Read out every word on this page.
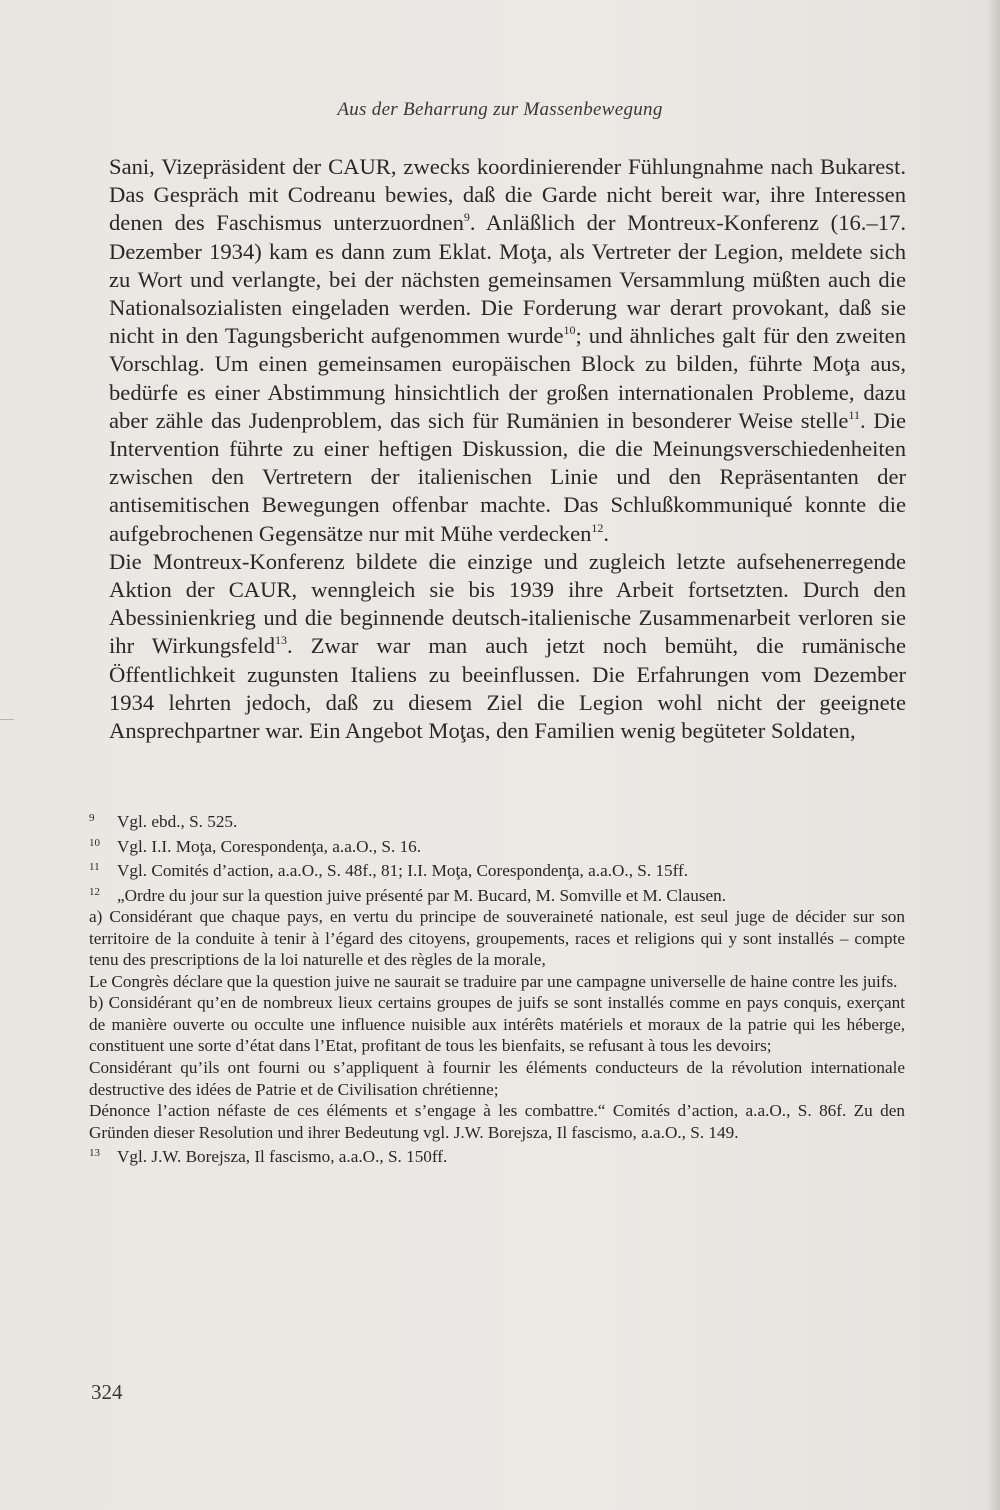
Aus der Beharrung zur Massenbewegung

Sani, Vizepräsident der CAUR, zwecks koordinierender Fühlungnahme nach Bukarest. Das Gespräch mit Codreanu bewies, daß die Garde nicht bereit war, ihre Interessen denen des Faschismus unterzuordnen$^9$. Anläßlich der Montreux-Konferenz (16.–17. Dezember 1934) kam es dann zum Eklat. Moţa, als Vertreter der Legion, meldete sich zu Wort und verlangte, bei der nächsten gemeinsamen Versammlung müßten auch die Nationalsozialisten eingeladen werden. Die Forderung war derart provokant, daß sie nicht in den Tagungsbericht aufgenommen wurde$^{10}$; und ähnliches galt für den zweiten Vorschlag. Um einen gemeinsamen europäischen Block zu bilden, führte Moţa aus, bedürfe es einer Abstimmung hinsichtlich der großen internationalen Probleme, dazu aber zähle das Judenproblem, das sich für Rumänien in besonderer Weise stelle$^{11}$. Die Intervention führte zu einer heftigen Diskussion, die die Meinungsverschiedenheiten zwischen den Vertretern der italienischen Linie und den Repräsentanten der antisemitischen Bewegungen offenbar machte. Das Schlußkommuniqué konnte die aufgebrochenen Gegensätze nur mit Mühe verdecken$^{12}$.

Die Montreux-Konferenz bildete die einzige und zugleich letzte aufsehenerregende Aktion der CAUR, wenngleich sie bis 1939 ihre Arbeit fortsetzten. Durch den Abessinienkrieg und die beginnende deutsch-italienische Zusammenarbeit verloren sie ihr Wirkungsfeld$^{13}$. Zwar war man auch jetzt noch bemüht, die rumänische Öffentlichkeit zugunsten Italiens zu beeinflussen. Die Erfahrungen vom Dezember 1934 lehrten jedoch, daß zu diesem Ziel die Legion wohl nicht der geeignete Ansprechpartner war. Ein Angebot Moţas, den Familien wenig begüteter Soldaten,

9 Vgl. ebd., S. 525.

10 Vgl. I.I. Moţa, Corespondenţa, a.a.O., S. 16.

11 Vgl. Comités d’action, a.a.O., S. 48f., 81; I.I. Moţa, Corespondenţa, a.a.O., S. 15ff.

12 „Ordre du jour sur la question juive présenté par M. Bucard, M. Somville et M. Clausen.

a) Considérant que chaque pays, en vertu du principe de souveraineté nationale, est seul juge de décider sur son territoire de la conduite à tenir à l’égard des citoyens, groupements, races et religions qui y sont installés – compte tenu des prescriptions de la loi naturelle et des règles de la morale,

Le Congrès déclare que la question juive ne saurait se traduire par une campagne universelle de haine contre les juifs.

b) Considérant qu’en de nombreux lieux certains groupes de juifs se sont installés comme en pays conquis, exerçant de manière ouverte ou occulte une influence nuisible aux intérêts matériels et moraux de la patrie qui les héberge, constituent une sorte d’état dans l’Etat, profitant de tous les bienfaits, se refusant à tous les devoirs;

Considérant qu’ils ont fourni ou s’appliquent à fournir les éléments conducteurs de la révolution internationale destructive des idées de Patrie et de Civilisation chrétienne;

Dénonce l’action néfaste de ces éléments et s’engage à les combattre.“ Comités d’action, a.a.O., S. 86f. Zu den Gründen dieser Resolution und ihrer Bedeutung vgl. J.W. Borejsza, Il fascismo, a.a.O., S. 149.

13 Vgl. J.W. Borejsza, Il fascismo, a.a.O., S. 150ff.

324
